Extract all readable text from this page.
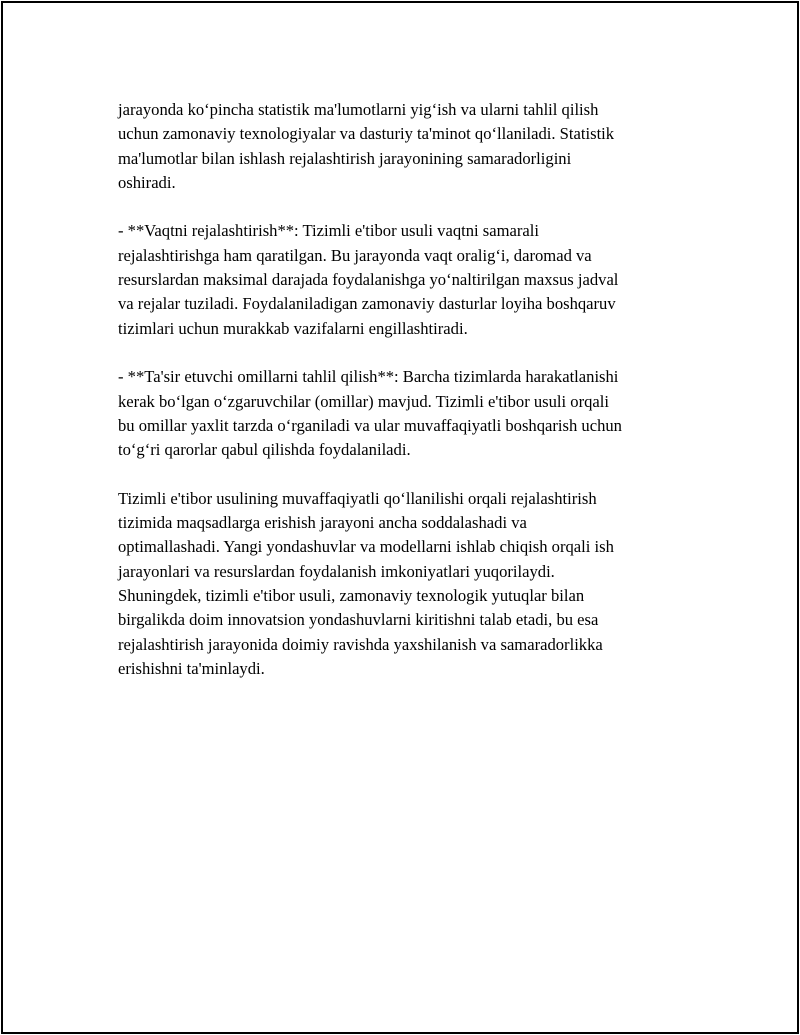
jarayonda ko‘pincha statistik ma'lumotlarni yig‘ish va ularni tahlil qilish
uchun zamonaviy texnologiyalar va dasturiy ta'minot qo‘llaniladi. Statistik
ma'lumotlar bilan ishlash rejalashtirish jarayonining samaradorligini
oshiradi.

- **Vaqtni rejalashtirish**: Tizimli e'tibor usuli vaqtni samarali
rejalashtirishga ham qaratilgan. Bu jarayonda vaqt oralig‘i, daromad va
resurslardan maksimal darajada foydalanishga yo‘naltirilgan maxsus jadval
va rejalar tuziladi. Foydalaniladigan zamonaviy dasturlar loyiha boshqaruv
tizimlari uchun murakkab vazifalarni engillashtiradi.

- **Ta'sir etuvchi omillarni tahlil qilish**: Barcha tizimlarda harakatlanishi
kerak bo‘lgan o‘zgaruvchilar (omillar) mavjud. Tizimli e'tibor usuli orqali
bu omillar yaxlit tarzda o‘rganiladi va ular muvaffaqiyatli boshqarish uchun
to‘g‘ri qarorlar qabul qilishda foydalaniladi.

Tizimli e'tibor usulining muvaffaqiyatli qo‘llanilishi orqali rejalashtirish
tizimida maqsadlarga erishish jarayoni ancha soddalashadi va
optimallashadi. Yangi yondashuvlar va modellarni ishlab chiqish orqali ish
jarayonlari va resurslardan foydalanish imkoniyatlari yuqorilaydi.
Shuningdek, tizimli e'tibor usuli, zamonaviy texnologik yutuqlar bilan
birgalikda doim innovatsion yondashuvlarni kiritishni talab etadi, bu esa
rejalashtirish jarayonida doimiy ravishda yaxshilanish va samaradorlikka
erishishni ta'minlaydi.
